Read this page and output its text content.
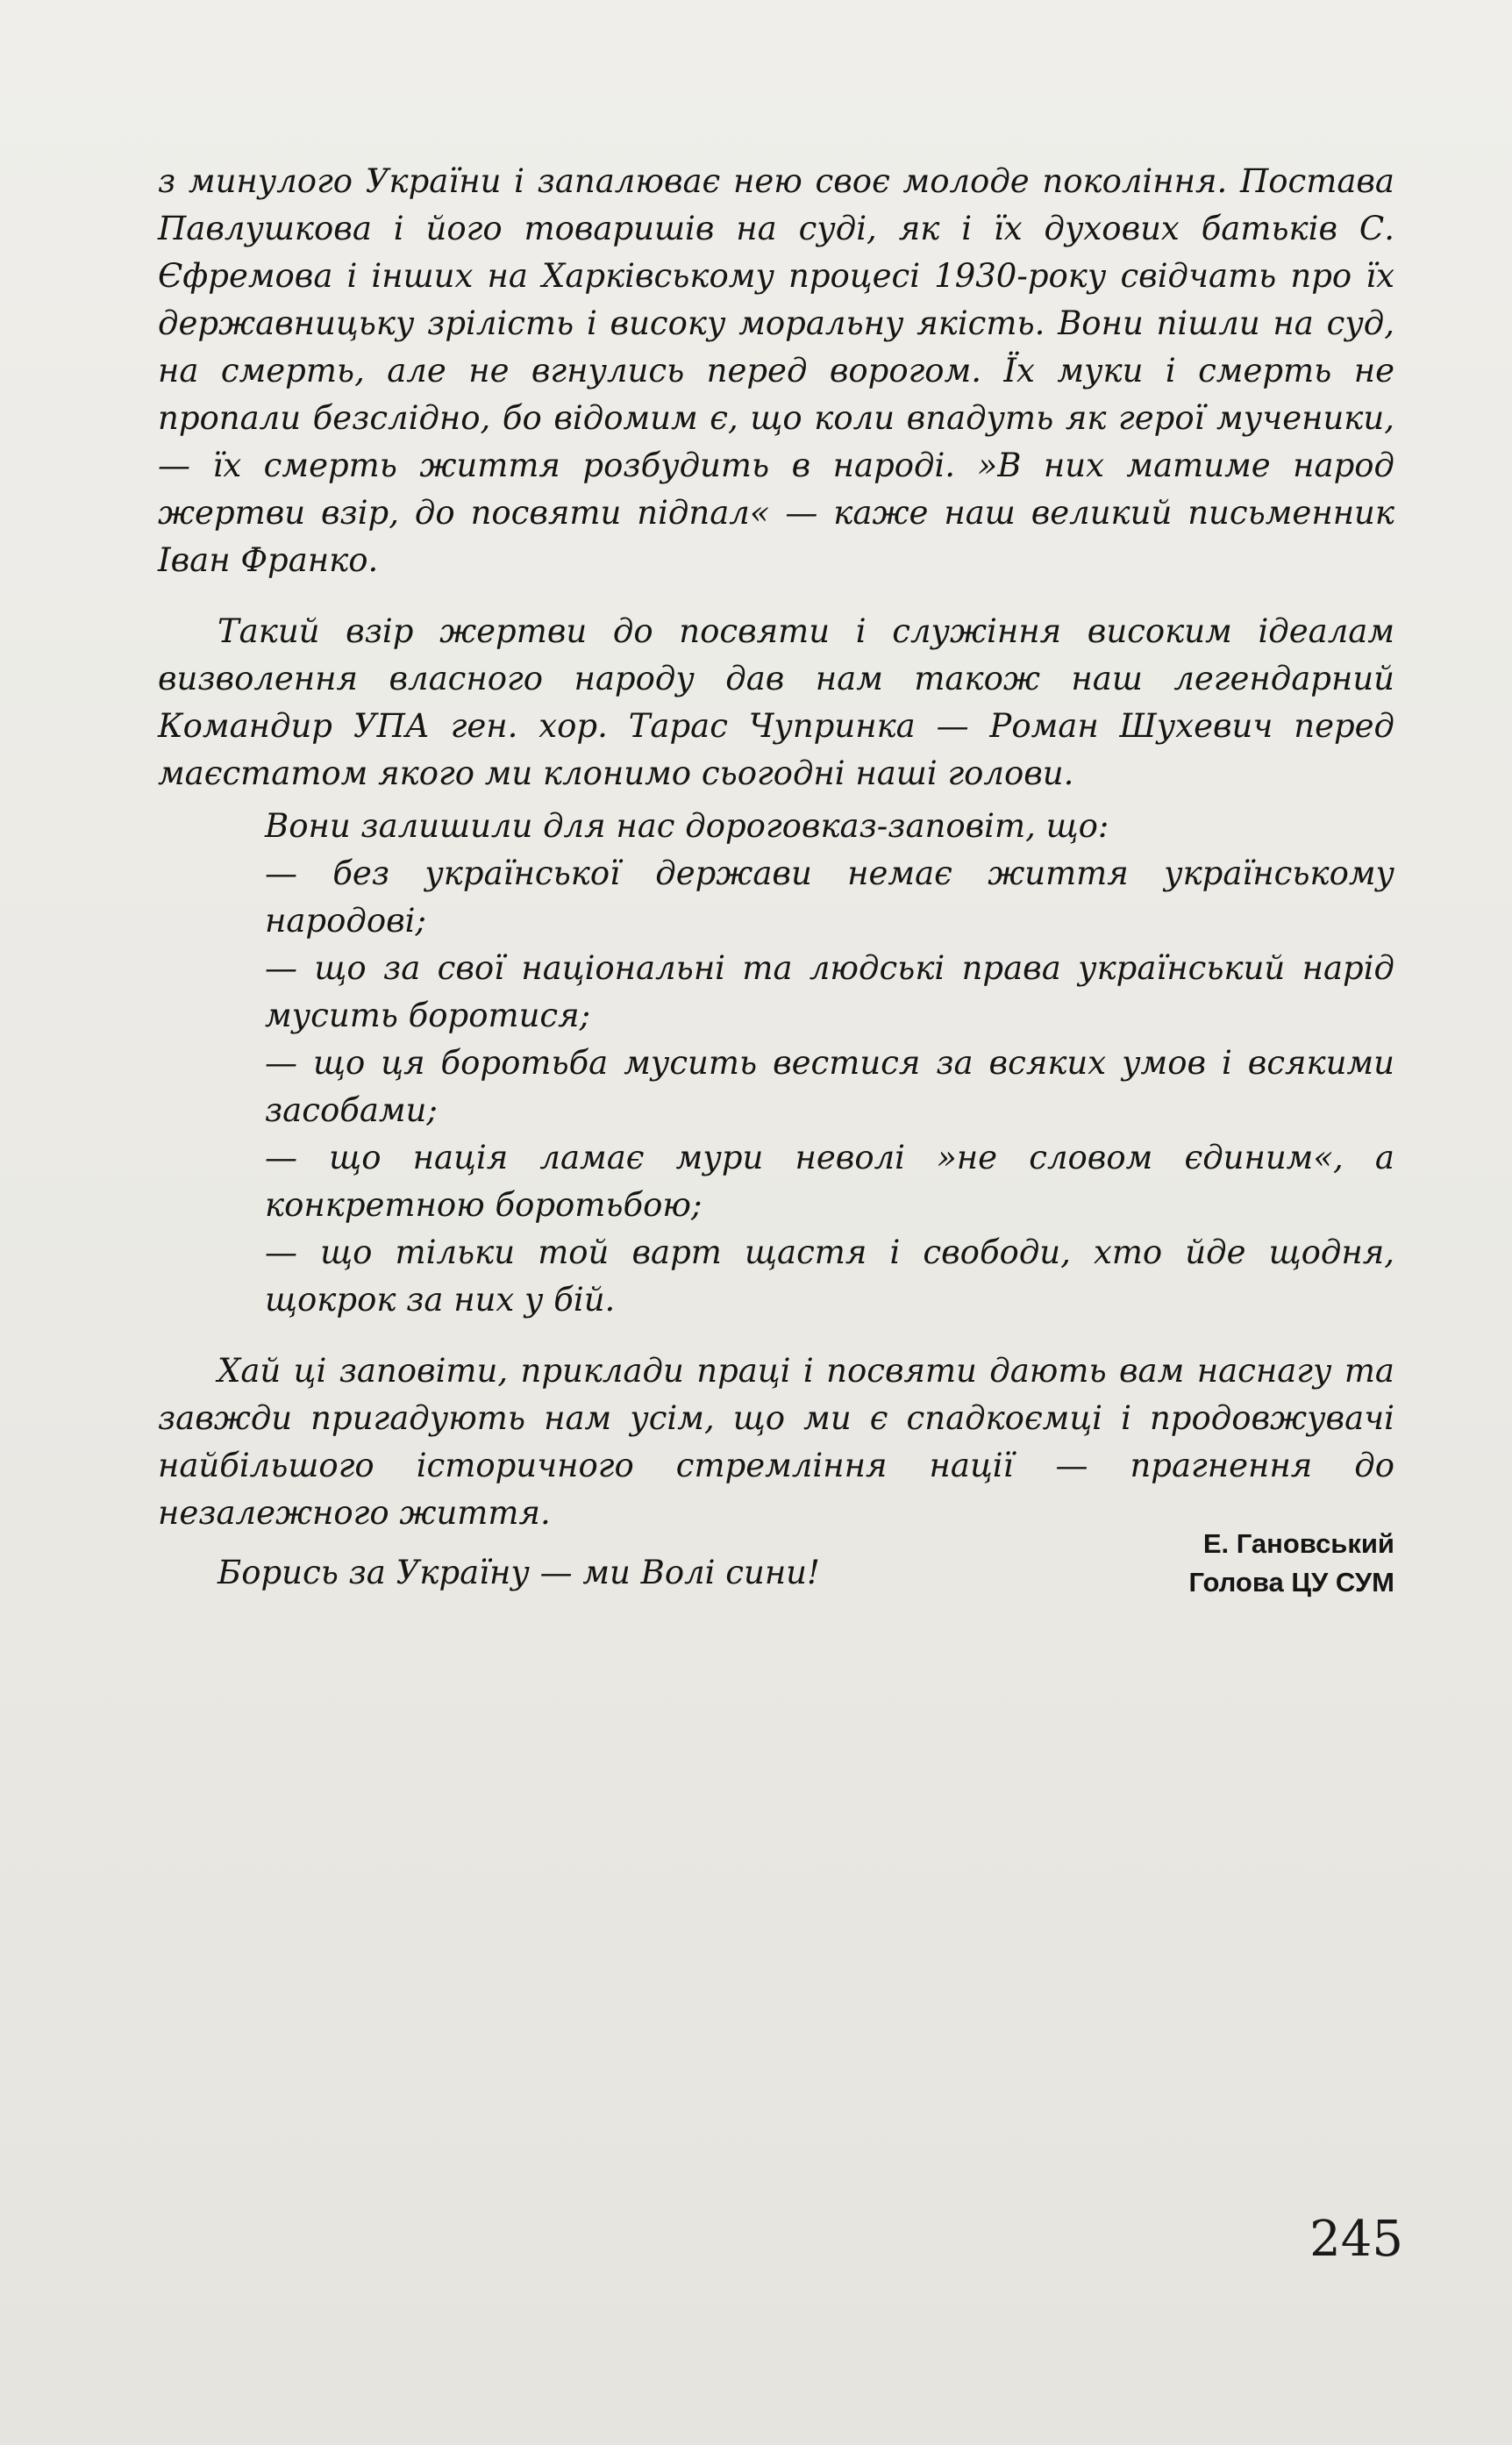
з минулого України і запалюває нею своє молоде покоління. Постава Павлушкова і його товаришів на суді, як і їх духових батьків С. Єфремова і інших на Харківському процесі 1930-року свідчать про їх державницьку зрілість і високу моральну якість. Вони пішли на суд, на смерть, але не вгнулись перед ворогом. Їх муки і смерть не пропали безслідно, бо відомим є, що коли впадуть як герої мученики, — їх смерть життя розбудить в народі. »В них матиме народ жертви взір, до посвяти підпал« — каже наш великий письменник Іван Франко.

Такий взір жертви до посвяти і служіння високим ідеалам визволення власного народу дав нам також наш легендарний Командир УПА ген. хор. Тарас Чупринка — Роман Шухевич перед маєстатом якого ми клонимо сьогодні наші голови.

Вони залишили для нас дороговказ-заповіт, що:

— без української держави немає життя українському народові;

— що за свої національні та людські права український нарід мусить боротися;

— що ця боротьба мусить вестися за всяких умов і всякими засобами;

— що нація ламає мури неволі »не словом єдиним«, а конкретною боротьбою;

— що тільки той варт щастя і свободи, хто йде щодня, щокрок за них у бій.

Хай ці заповіти, приклади праці і посвяти дають вам наснагу та завжди пригадують нам усім, що ми є спадкоємці і продовжувачі найбільшого історичного стремління нації — прагнення до незалежного життя.

Борись за Україну — ми Волі сини!

Е. Гановський
Голова ЦУ СУМ
245
